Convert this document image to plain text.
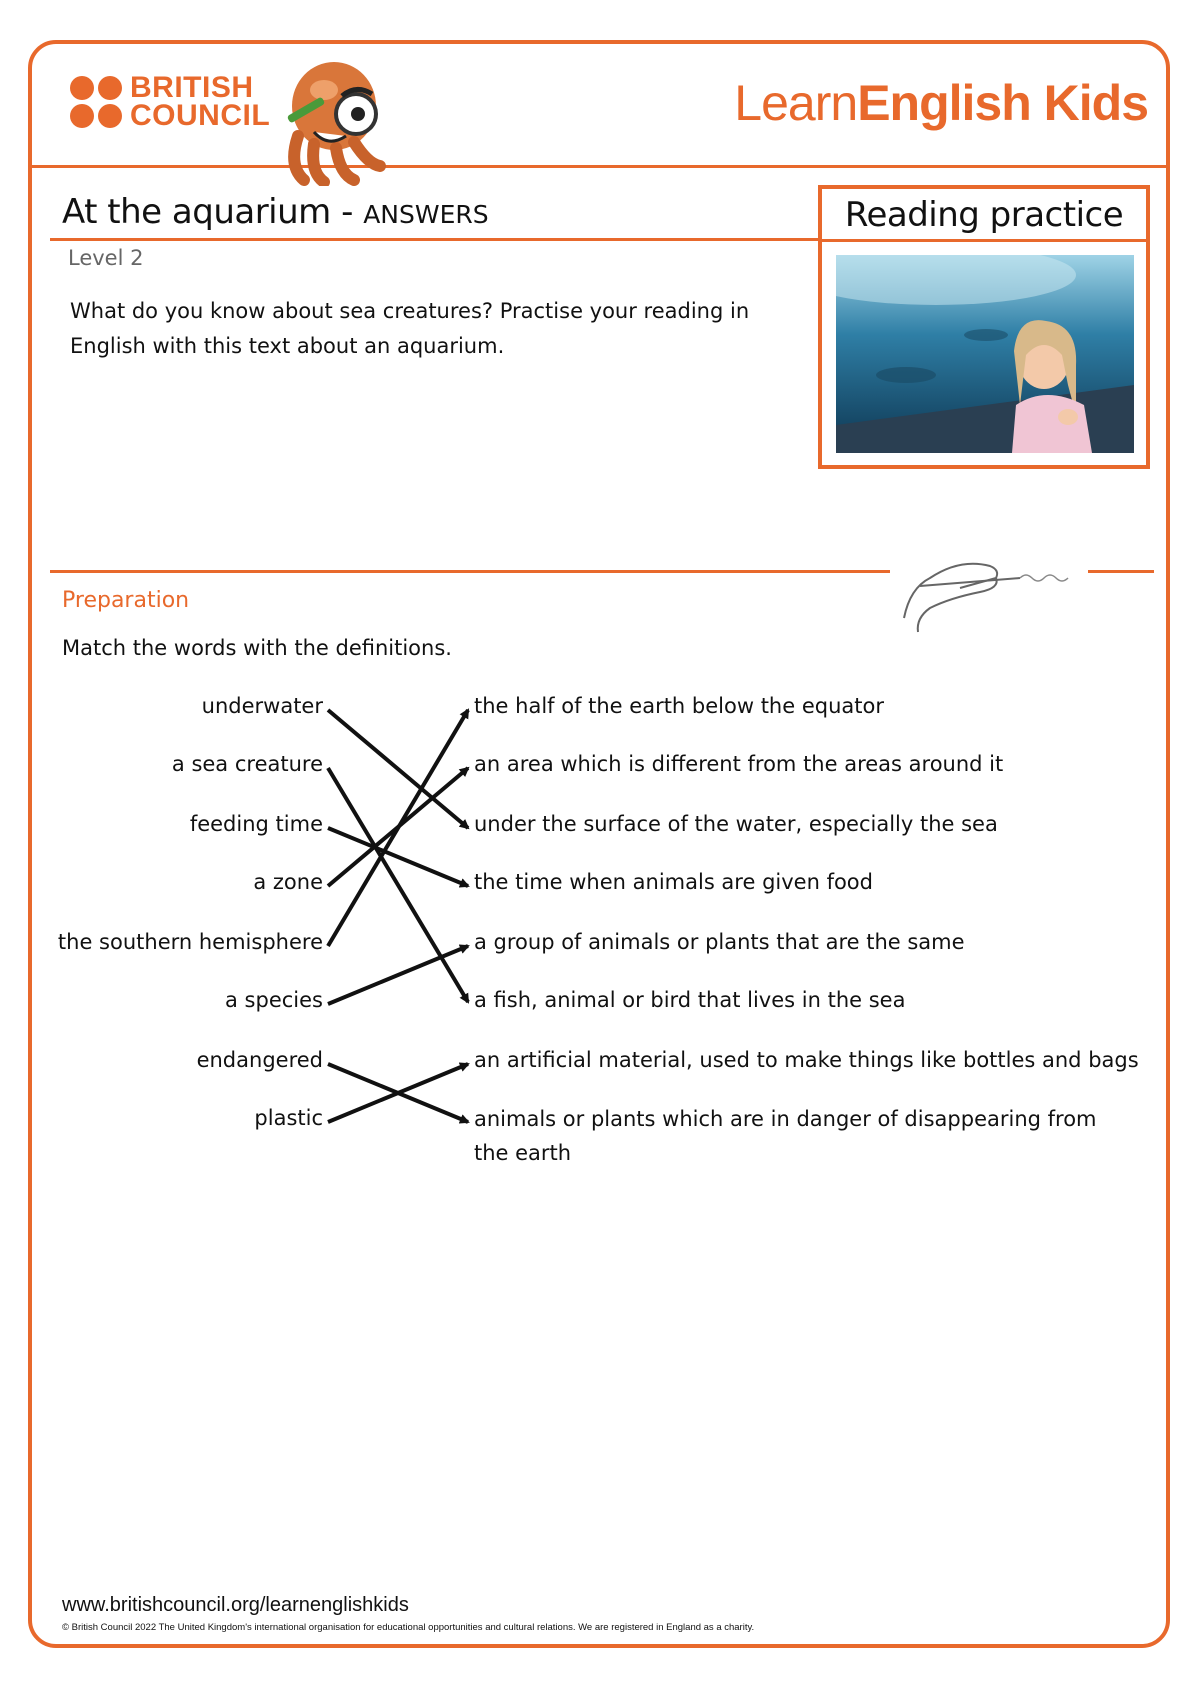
BRITISH
COUNCIL	LearnEnglish Kids
At the aquarium - ANSWERS	Reading practice
Level 2
What do you know about sea creatures? Practise your reading in English with this text about an aquarium.
Preparation
Match the words with the definitions.
underwater
a sea creature
feeding time
a zone
the southern hemisphere
a species
endangered
plastic
the half of the earth below the equator
an area which is different from the areas around it
under the surface of the water, especially the sea
the time when animals are given food
a group of animals or plants that are the same
a fish, animal or bird that lives in the sea
an artificial material, used to make things like bottles and bags
animals or plants which are in danger of disappearing from the earth
www.britishcouncil.org/learnenglishkids
© British Council 2022 The United Kingdom's international organisation for educational opportunities and cultural relations. We are registered in England as a charity.
